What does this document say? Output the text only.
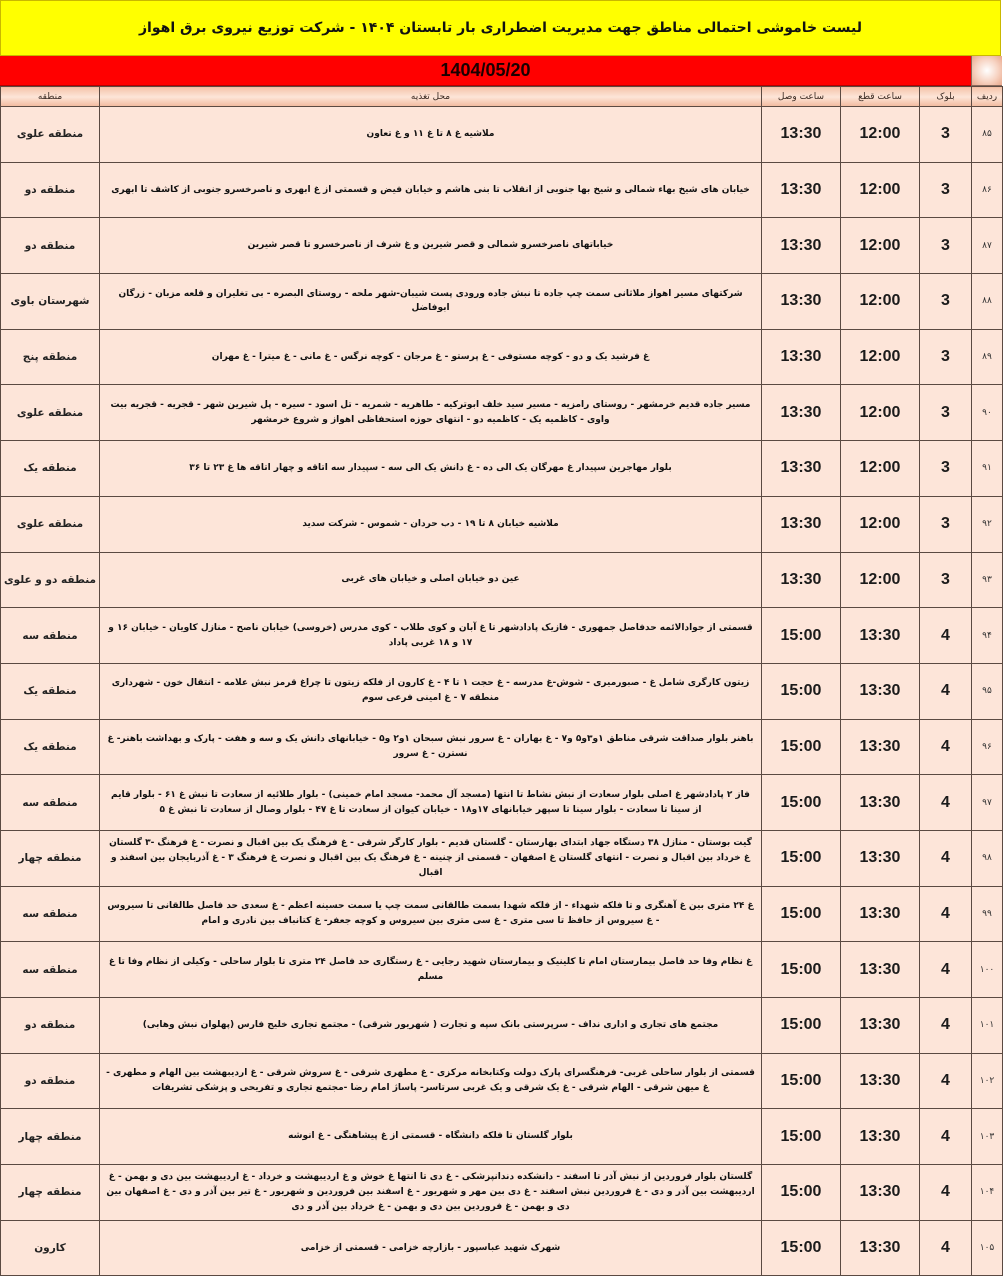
لیست خاموشی احتمالی مناطق جهت مدیریت اضطراری بار تابستان ۱۴۰۴ - شرکت توزیع نیروی برق اهواز
1404/05/20
ردیف	بلوک	ساعت قطع	ساعت وصل	محل تغذیه	منطقه
۸۵	3	12:00	13:30	ملاشیه غ ۸ تا غ ۱۱ و غ تعاون	منطقه علوی
۸۶	3	12:00	13:30	خیابان های شیخ بهاء شمالی و شیخ بها جنوبی از انقلاب تا بنی هاشم و خیابان فیض و قسمتی از غ ابهری و ناصرخسرو جنوبی از کاشف تا ابهری	منطقه دو
۸۷	3	12:00	13:30	خیاباتهای ناصرخسرو شمالی و قصر شیرین و غ شرف از ناصرخسرو تا قصر شیرین	منطقه دو
۸۸	3	12:00	13:30	شرکتهای مسیر اهواز ملاثانی سمت چپ جاده تا نبش جاده ورودی پست شیبان-شهر ملحه - روستای البصره - بی تغلیران و قلعه مزبان - زرگان ابوفاضل	شهرستان باوی
۸۹	3	12:00	13:30	غ فرشید یک و دو - کوچه مستوفی - غ پرستو - غ مرجان - کوچه نرگس - غ مانی - غ میترا - غ مهران	منطقه پنج
۹۰	3	12:00	13:30	مسیر جاده قدیم خرمشهر - روستای رامزیه - مسیر سید خلف ابوترکیه - طاهریه - شمریه - تل اسود - سیره - پل شیرین شهر - قجریه - قجریه بیت واوی - کاظمیه یک - کاظمیه دو - انتهای حوزه استحفاظی اهواز و شروع خرمشهر	منطقه علوی
۹۱	3	12:00	13:30	بلوار مهاجرین سپیدار غ مهرگان یک الی ده - غ دانش یک الی سه - سپیدار سه اتاقه و چهار اتاقه ها غ ۲۳ تا ۳۶	منطقه یک
۹۲	3	12:00	13:30	ملاشیه خیابان ۸ تا ۱۹ - دب حردان - شموس - شرکت سدید	منطقه علوی
۹۳	3	12:00	13:30	عین دو خیابان اصلی و خیابان های غربی	منطقه دو و علوی
۹۴	4	13:30	15:00	قسمتی از جوادالائمه حدفاصل جمهوری - فازیک پادادشهر تا غ آبان و کوی طلاب - کوی مدرس (خروسی) خیابان ناصح - منازل کاویان - خیابان ۱۶ و ۱۷ و ۱۸ غربی پاداد	منطقه سه
۹۵	4	13:30	15:00	زیتون کارگری شامل غ - صبورمیری - شوش-غ مدرسه - غ حجت ۱ تا ۴ - غ کارون از فلکه زیتون تا چراغ قرمز نبش علامه - انتقال خون - شهرداری منطقه ۷ - غ امینی فرعی سوم	منطقه یک
۹۶	4	13:30	15:00	باهنر بلوار صداقت شرقی مناطق ۱و۳و۵ و۷ - غ بهاران - غ سرور نبش سبحان ۱و۲ و۵ - خیابانهای دانش یک و سه و هفت - پارک و بهداشت باهنر- غ نسترن - غ سرور	منطقه یک
۹۷	4	13:30	15:00	فاز ۲ پادادشهر غ اصلی بلوار سعادت از نبش نشاط تا انتها (مسجد آل محمد- مسجد امام خمینی) - بلوار طلائیه از سعادت تا نبش غ ۶۱ - بلوار قایم از سینا تا سعادت - بلوار سینا تا سپهر خیابانهای ۱۷و۱۸ - خیابان کیوان از سعادت تا غ ۴۷ - بلوار وصال از سعادت تا نبش غ ۵	منطقه سه
۹۸	4	13:30	15:00	گیت بوستان - منازل ۳۸ دستگاه جهاد ابتدای بهارستان - گلستان قدیم - بلوار کارگر شرقی - غ فرهنگ یک بین اقبال و نصرت - غ فرهنگ -۳ گلستان غ خرداد بین اقبال و نصرت - انتهای گلستان غ اصفهان - قسمتی از چنینه - غ فرهنگ یک بین اقبال و نصرت غ فرهنگ ۳ - غ آذربایجان بین اسفند و اقبال	منطقه چهار
۹۹	4	13:30	15:00	غ ۲۴ متری بین غ آهنگری و تا فلکه شهداء - از فلکه شهدا بسمت طالقانی سمت چپ یا سمت حسینه اعظم - غ سعدی حد فاصل طالقانی تا سیروس - غ سیروس از حافظ تا سی متری - غ سی متری بین سیروس و کوچه جعفر- غ کتانباف بین نادری و امام	منطقه سه
۱۰۰	4	13:30	15:00	غ نظام وفا حد فاصل بیمارستان امام تا کلینیک و بیمارستان شهید رجایی - غ رستگاری حد فاصل ۲۴ متری تا بلوار ساحلی - وکیلی از نظام وفا تا غ مسلم	منطقه سه
۱۰۱	4	13:30	15:00	مجتمع های تجاری و اداری نداف - سرپرستی بانک سپه و تجارت ( شهریور شرقی) - مجتمع تجاری خلیج فارس (پهلوان نبش وهابی)	منطقه دو
۱۰۲	4	13:30	15:00	قسمتی از بلوار ساحلی غربی- فرهنگسرای پارک دولت وکتابخانه مرکزی - غ مطهری شرقی - غ سروش شرقی - غ اردیبهشت بین الهام و مطهری - غ میهن شرقی - الهام شرقی - غ یک شرقی و یک غربی سرتاسر- پاساژ امام رضا -مجتمع تجاری و تفریحی و پزشکی تشریفات	منطقه دو
۱۰۳	4	13:30	15:00	بلوار گلستان تا فلکه دانشگاه - قسمتی از غ پیشاهنگی - غ انوشه	منطقه چهار
۱۰۴	4	13:30	15:00	گلستان بلوار فروردین از نبش آذر تا اسفند - دانشکده دندانپزشکی - غ دی تا انتها غ خوش و غ اردیبهشت و خرداد - غ اردیبهشت بین دی و بهمن - غ اردیبهشت بین آذر و دی - غ فروردین نبش اسفند - غ دی بین مهر و شهریور - غ اسفند بین فروردین و شهریور - غ تیر بین آذر و دی - غ اصفهان بین دی و بهمن - غ فروردین بین دی و بهمن - غ خرداد بین آذر و دی	منطقه چهار
۱۰۵	4	13:30	15:00	شهرک شهید عباسپور - بازارچه خزامی - قسمتی از خزامی	کارون
